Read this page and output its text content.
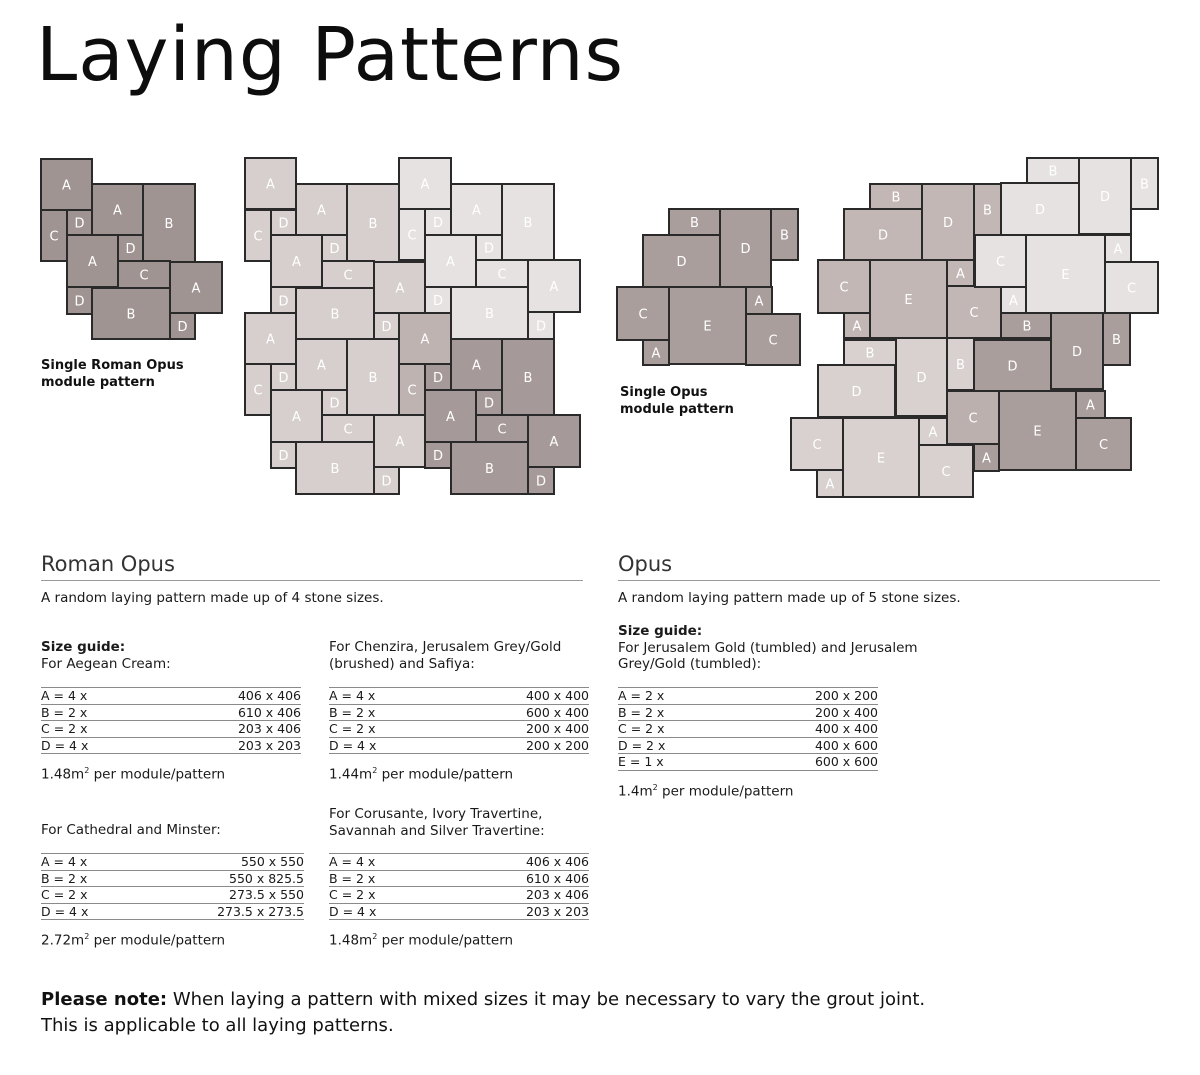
Laying Patterns
A
A
B
C
D
D
A
C
A
D
B
D
A
A
B
C
D
D
A
C
A
D
B
D
A
A
B
C
D
D
A
C
A
D
B
D
A
A
B
C
D
D
A
C
A
D
B
D
A
A
B
C
D
D
A
C
A
D
B
D
B
D
B
D
C
E
A
A
C
B
D
B
D
C
E
A
A
C
B
D
B
D
C
E
A
A
C
B
D
B
B
D
B	D
D
C
E
A
C
A
C
E
A
C
A
Single Roman Opus
module pattern
Single Opus
module pattern
Roman Opus
A random laying pattern made up of 4 stone sizes.
Size guide:
For Aegean Cream:
A = 4 x	406 x 406
B = 2 x	610 x 406
C = 2 x	203 x 406
D = 4 x	203 x 203
$1.48m^2$ per module/pattern
For Chenzira, Jerusalem Grey/Gold
(brushed) and Safiya:
A = 4 x	400 x 400
B = 2 x	600 x 400
C = 2 x	200 x 400
D = 4 x	200 x 200
$1.44m^2$ per module/pattern
For Cathedral and Minster:
A = 4 x	550 x 550
B = 2 x	550 x 825.5
C = 2 x	273.5 x 550
D = 4 x	273.5 x 273.5
$2.72m^2$ per module/pattern
For Corusante, Ivory Travertine,
Savannah and Silver Travertine:
A = 4 x	406 x 406
B = 2 x	610 x 406
C = 2 x	203 x 406
D = 4 x	203 x 203
$1.48m^2$ per module/pattern
Opus
A random laying pattern made up of 5 stone sizes.
Size guide:
For Jerusalem Gold (tumbled) and Jerusalem
Grey/Gold (tumbled):
A = 2 x	200 x 200
B = 2 x	200 x 400
C = 2 x	400 x 400
D = 2 x	400 x 600
E = 1 x	600 x 600
$1.4m^2$ per module/pattern
Please note: When laying a pattern with mixed sizes it may be necessary to vary the grout joint.
This is applicable to all laying patterns.
